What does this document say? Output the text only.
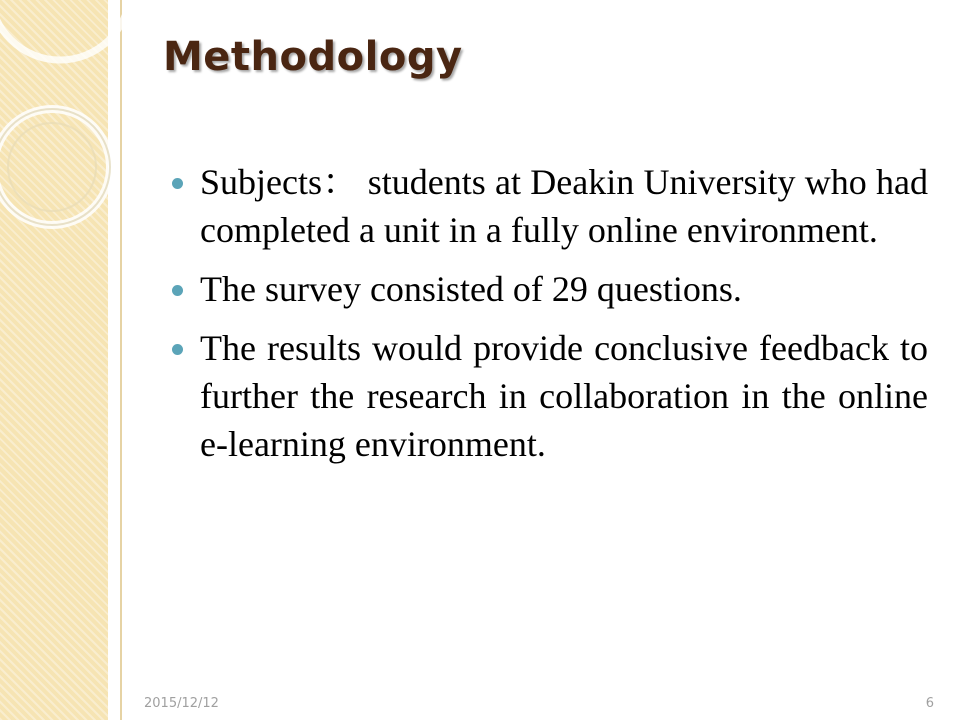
Methodology
Subjects： students at Deakin University who had completed a unit in a fully online environment.
The survey consisted of 29 questions.
The results would provide conclusive feedback to further the research in collaboration in the online e-learning environment.
2015/12/12	6
